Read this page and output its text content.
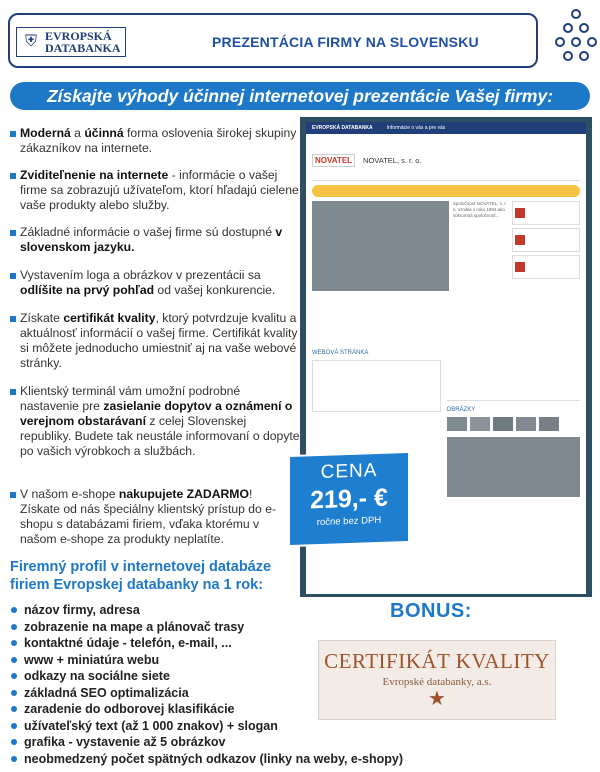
⛨ EVROPSKÁ
DATABANKA	PREZENTÁCIA FIRMY NA SLOVENSKU
Získajte výhody účinnej internetovej prezentácie Vašej firmy:
Moderná a účinná forma oslovenia širokej skupiny zákazníkov na internete.
Zviditeľnenie na internete - informácie o vašej firme sa zobrazujú užívateľom, ktorí hľadajú cielene vaše produkty alebo služby.
Základné informácie o vašej firme sú dostupné v slovenskom jazyku.
Vystavením loga a obrázkov v prezentácii sa odlíšite na prvý pohľad od vašej konkurencie.
Získate certifikát kvality, ktorý potvrdzuje kvalitu a aktuálnosť informácií o vašej firme. Certifikát kvality si môžete jednoducho umiestniť aj na vaše webové stránky.
Klientský terminál vám umožní podrobné nastavenie pre zasielanie dopytov a oznámení o verejnom obstarávaní z celej Slovenskej republiky. Budete tak neustále informovaní o dopyte po vašich výrobkoch a službách.
V našom e-shope nakupujete ZADARMO! Získate od nás špeciálny klientský prístup do e-shopu s databázami firiem, vďaka ktorému v našom e-shope za produkty neplatíte.
EVROPSKÁ DATABANKA	Informácie o vás a pre vás
NOVATEL	NOVATEL, s. r. o.
Spoločnosť NOVATEL, s. r. o. vznikla v roku 1994 ako súkromná spoločnosť...
WEBOVÁ STRÁNKA
OBRÁZKY
CENA
219,- €
ročne bez DPH
Firemný profil v internetovej databáze firiem Evropskej databanky na 1 rok:
názov firmy, adresa
zobrazenie na mape a plánovač trasy
kontaktné údaje - telefón, e-mail, ...
www + miniatúra webu
odkazy na sociálne siete
základná SEO optimalizácia
zaradenie do odborovej klasifikácie
užívateľský text (až 1 000 znakov) + slogan
grafika - vystavenie až 5 obrázkov
neobmedzený počet spätných odkazov (linky na weby, e-shopy)
BONUS:
CERTIFIKÁT KVALITY
Evropské databanky, a.s.
★
